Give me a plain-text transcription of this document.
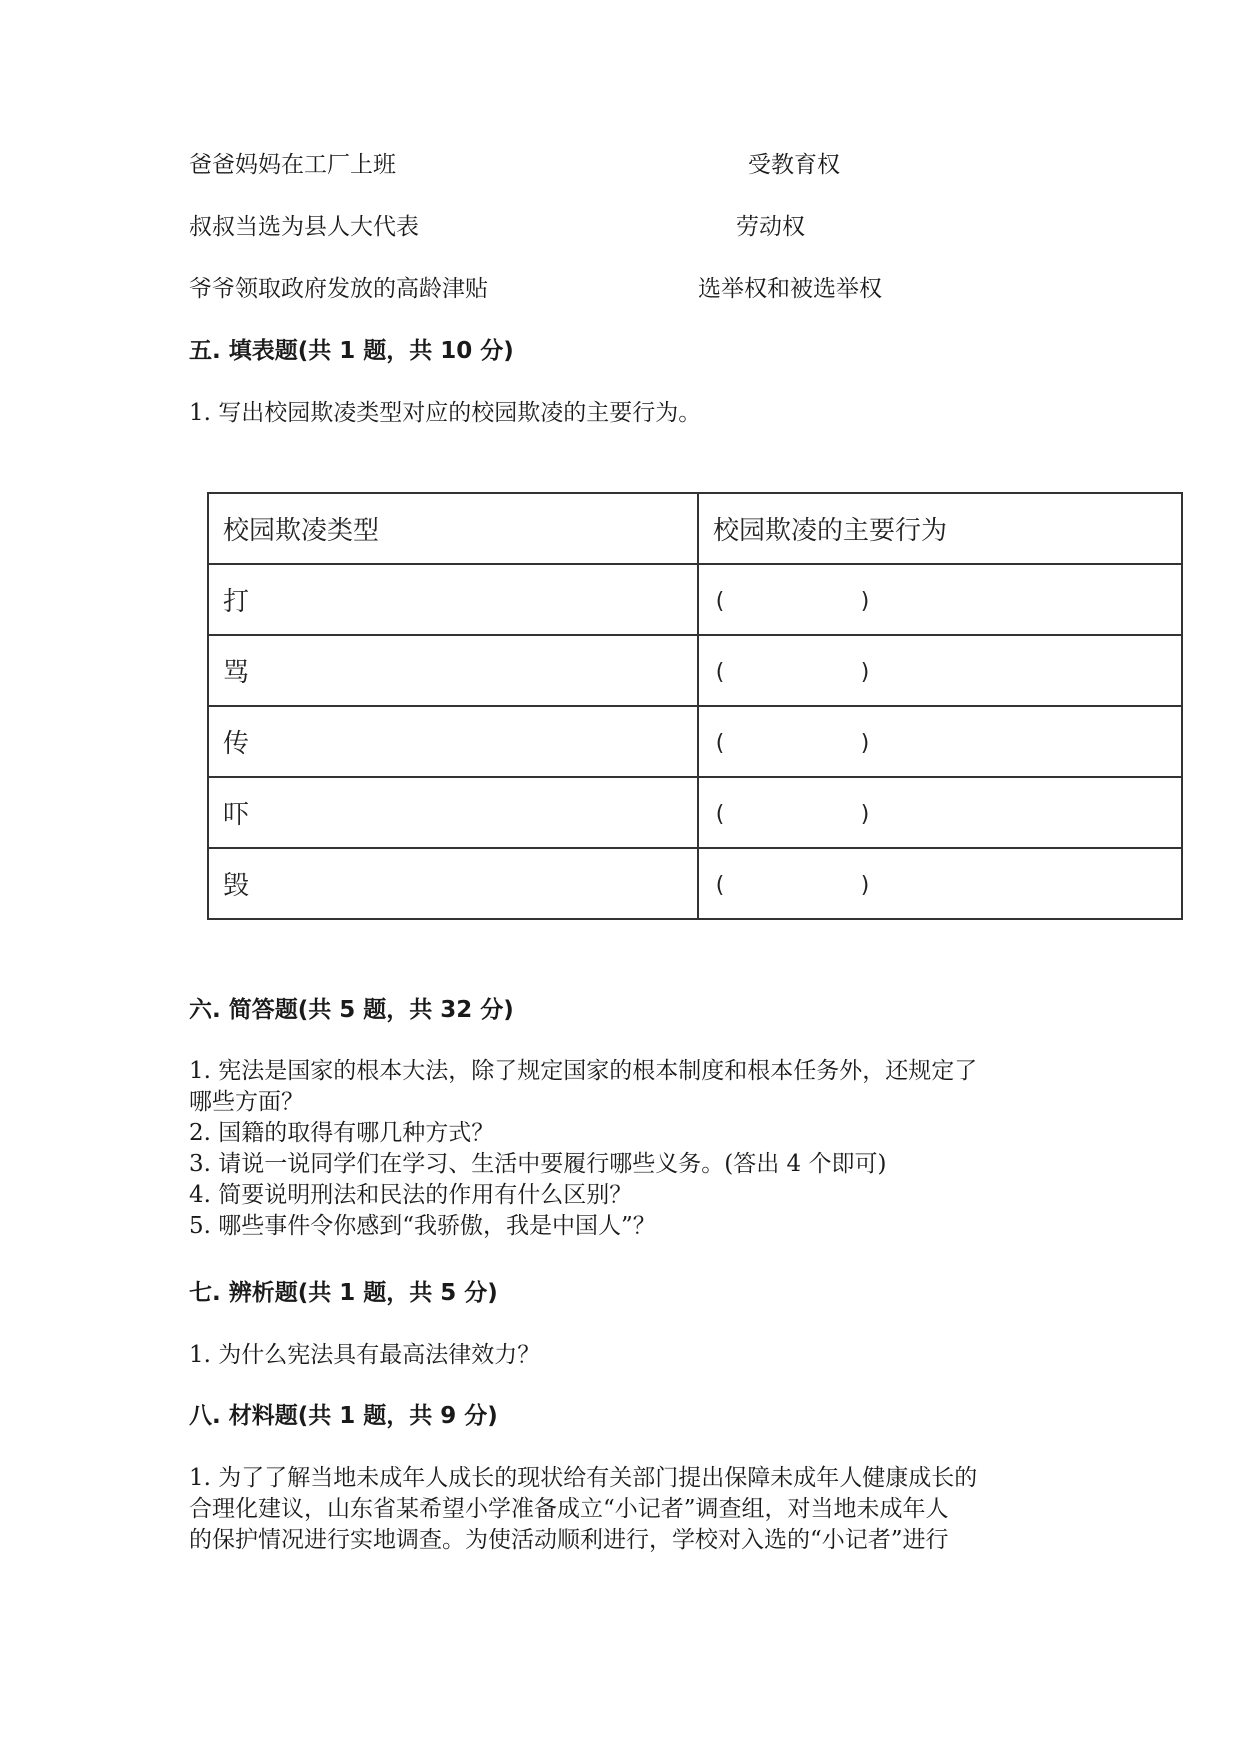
爸爸妈妈在工厂上班	受教育权
叔叔当选为县人大代表	劳动权
爷爷领取政府发放的高龄津贴	选举权和被选举权
五. 填表题(共 1 题，共 10 分)
1. 写出校园欺凌类型对应的校园欺凌的主要行为。
校园欺凌类型	校园欺凌的主要行为
打	(          )
骂	(          )
传	(          )
吓	(          )
毁	(          )
六. 简答题(共 5 题，共 32 分)
1. 宪法是国家的根本大法，除了规定国家的根本制度和根本任务外，还规定了
哪些方面？
2. 国籍的取得有哪几种方式？
3. 请说一说同学们在学习、生活中要履行哪些义务。(答出 4 个即可)
4. 简要说明刑法和民法的作用有什么区别？
5. 哪些事件令你感到“我骄傲，我是中国人”？
七. 辨析题(共 1 题，共 5 分)
1. 为什么宪法具有最高法律效力？
八. 材料题(共 1 题，共 9 分)
1. 为了了解当地未成年人成长的现状给有关部门提出保障未成年人健康成长的
合理化建议，山东省某希望小学准备成立“小记者”调查组，对当地未成年人
的保护情况进行实地调查。为使活动顺利进行，学校对入选的“小记者”进行
